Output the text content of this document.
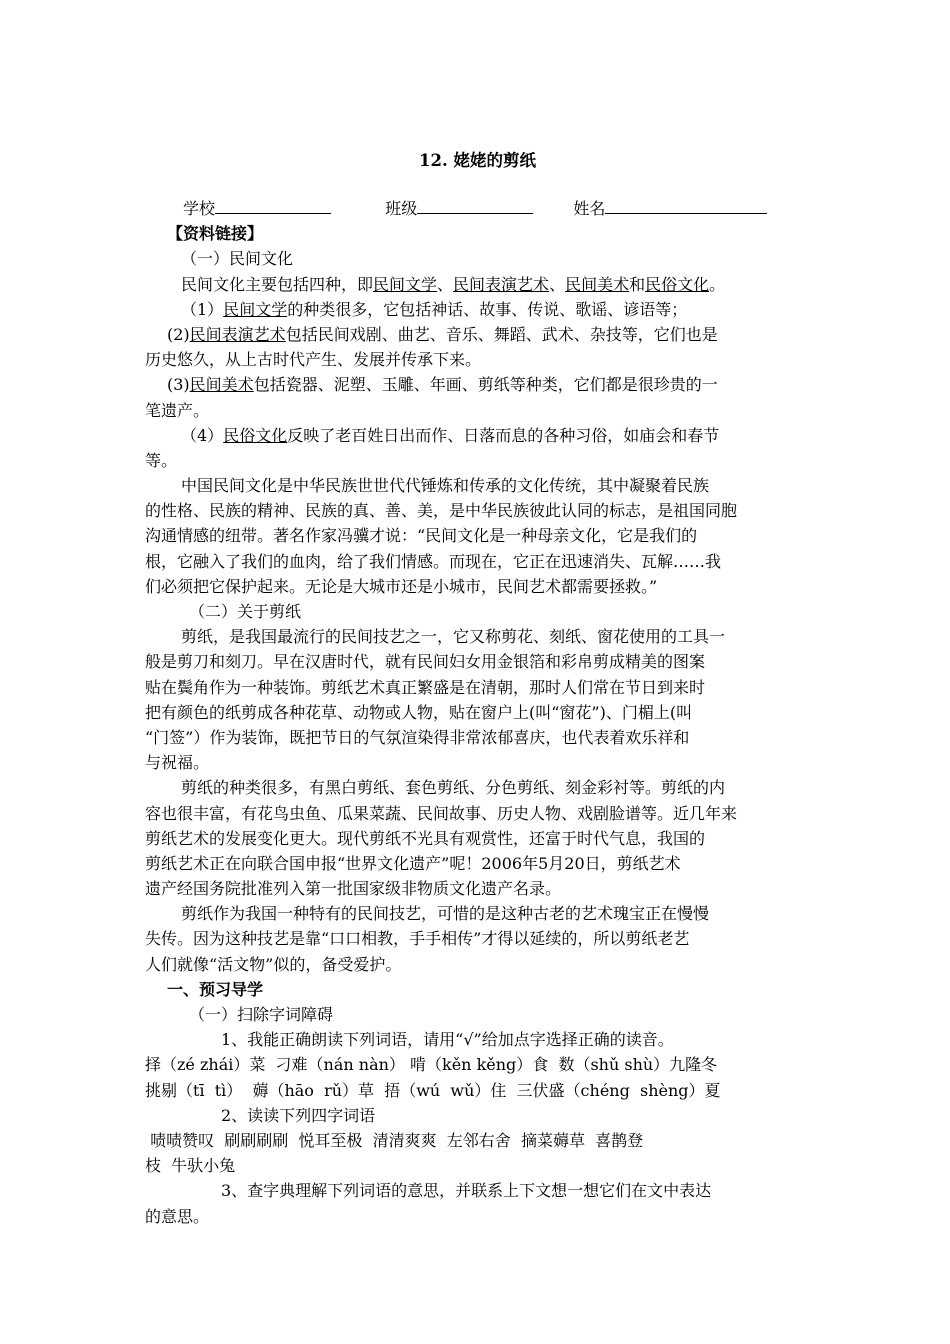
12. 姥姥的剪纸
学校	班级	姓名
【资料链接】
（一）民间文化
民间文化主要包括四种，即民间文学、民间表演艺术、民间美术和民俗文化。
（1）民间文学的种类很多，它包括神话、故事、传说、歌谣、谚语等；
(2)民间表演艺术包括民间戏剧、曲艺、音乐、舞蹈、武术、杂技等，它们也是
历史悠久，从上古时代产生、发展并传承下来。
(3)民间美术包括瓷器、泥塑、玉雕、年画、剪纸等种类，它们都是很珍贵的一
笔遗产。
（4）民俗文化反映了老百姓日出而作、日落而息的各种习俗，如庙会和春节
等。
中国民间文化是中华民族世世代代锤炼和传承的文化传统，其中凝聚着民族
的性格、民族的精神、民族的真、善、美，是中华民族彼此认同的标志，是祖国同胞
沟通情感的纽带。著名作家冯骥才说：“民间文化是一种母亲文化，它是我们的
根，它融入了我们的血肉，给了我们情感。而现在，它正在迅速消失、瓦解……我
们必须把它保护起来。无论是大城市还是小城市，民间艺术都需要拯救。”
（二）关于剪纸
剪纸，是我国最流行的民间技艺之一，它又称剪花、刻纸、窗花使用的工具一
般是剪刀和刻刀。早在汉唐时代，就有民间妇女用金银箔和彩帛剪成精美的图案
贴在鬓角作为一种装饰。剪纸艺术真正繁盛是在清朝，那时人们常在节日到来时
把有颜色的纸剪成各种花草、动物或人物，贴在窗户上(叫“窗花”)、门楣上(叫
“门签”）作为装饰，既把节日的气氛渲染得非常浓郁喜庆，也代表着欢乐祥和
与祝福。
剪纸的种类很多，有黑白剪纸、套色剪纸、分色剪纸、刻金彩衬等。剪纸的内
容也很丰富，有花鸟虫鱼、瓜果菜蔬、民间故事、历史人物、戏剧脸谱等。近几年来
剪纸艺术的发展变化更大。现代剪纸不光具有观赏性，还富于时代气息，我国的
剪纸艺术正在向联合国申报“世界文化遗产”呢！2006年5月20日，剪纸艺术
遗产经国务院批准列入第一批国家级非物质文化遗产名录。
剪纸作为我国一种特有的民间技艺，可惜的是这种古老的艺术瑰宝正在慢慢
失传。因为这种技艺是靠“口口相教，手手相传”才得以延续的，所以剪纸老艺
人们就像“活文物”似的，备受爱护。
一、预习导学
（一）扫除字词障碍
1、我能正确朗读下列词语，请用“√”给加点字选择正确的读音。
择（zé zhái）菜  刁难（nán nàn） 啃（kěn kěng）食  数（shǔ shù）九隆冬
挑剔（tī  tì）  薅（hāo  rǔ）草  捂（wú  wǔ）住  三伏盛（chéng  shèng）夏
2、读读下列四字词语
啧啧赞叹  刷刷刷刷  悦耳至极  清清爽爽  左邻右舍  摘菜薅草  喜鹊登
枝  牛驮小兔
3、查字典理解下列词语的意思，并联系上下文想一想它们在文中表达
的意思。
